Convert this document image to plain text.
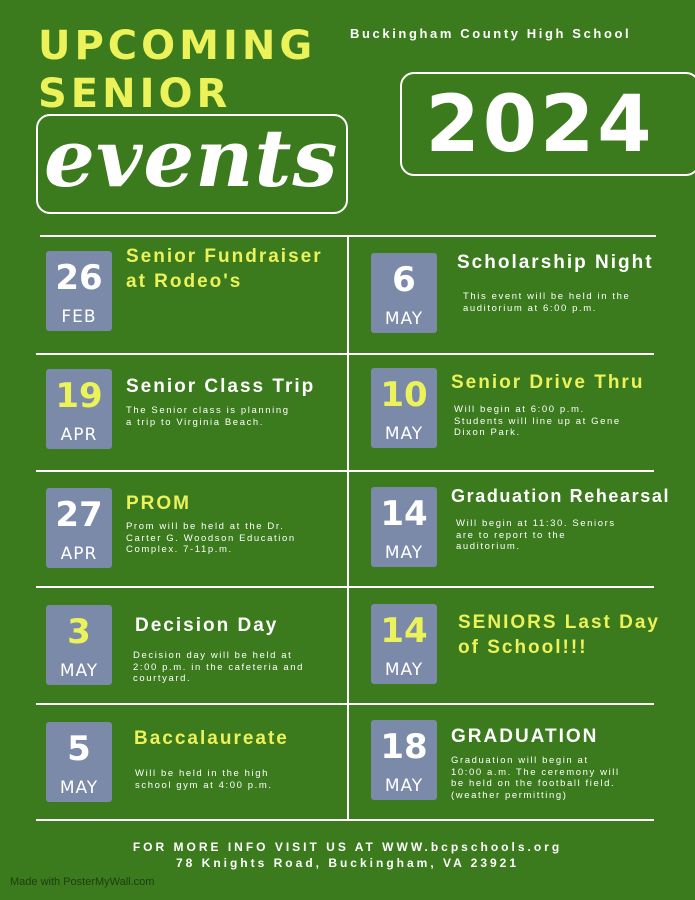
UPCOMING
SENIOR
events
Buckingham County High School
2024
26
FEB
Senior Fundraiser
at Rodeo's	6
MAY
Scholarship Night
This event will be held in the
auditorium at 6:00 p.m.
19
APR
Senior Class Trip
The Senior class is planning
a trip to Virginia Beach.
10
MAY
Senior Drive Thru
Will begin at 6:00 p.m.
Students will line up at Gene
Dixon Park.
27
APR
PROM
Prom will be held at the Dr.
Carter G. Woodson Education
Complex. 7-11p.m.
14
MAY
Graduation Rehearsal
Will begin at 11:30. Seniors
are to report to the
auditorium.
3
MAY
Decision Day
Decision day will be held at
2:00 p.m. in the cafeteria and
courtyard.
14
MAY
SENIORS Last Day
of School!!!
5
MAY
Baccalaureate
Will be held in the high
school gym at 4:00 p.m.
18
MAY
GRADUATION
Graduation will begin at
10:00 a.m. The ceremony will
be held on the football field.
(weather permitting)
FOR MORE INFO VISIT US AT WWW.bcpschools.org
78 Knights Road, Buckingham, VA 23921
Made with PosterMyWall.com
